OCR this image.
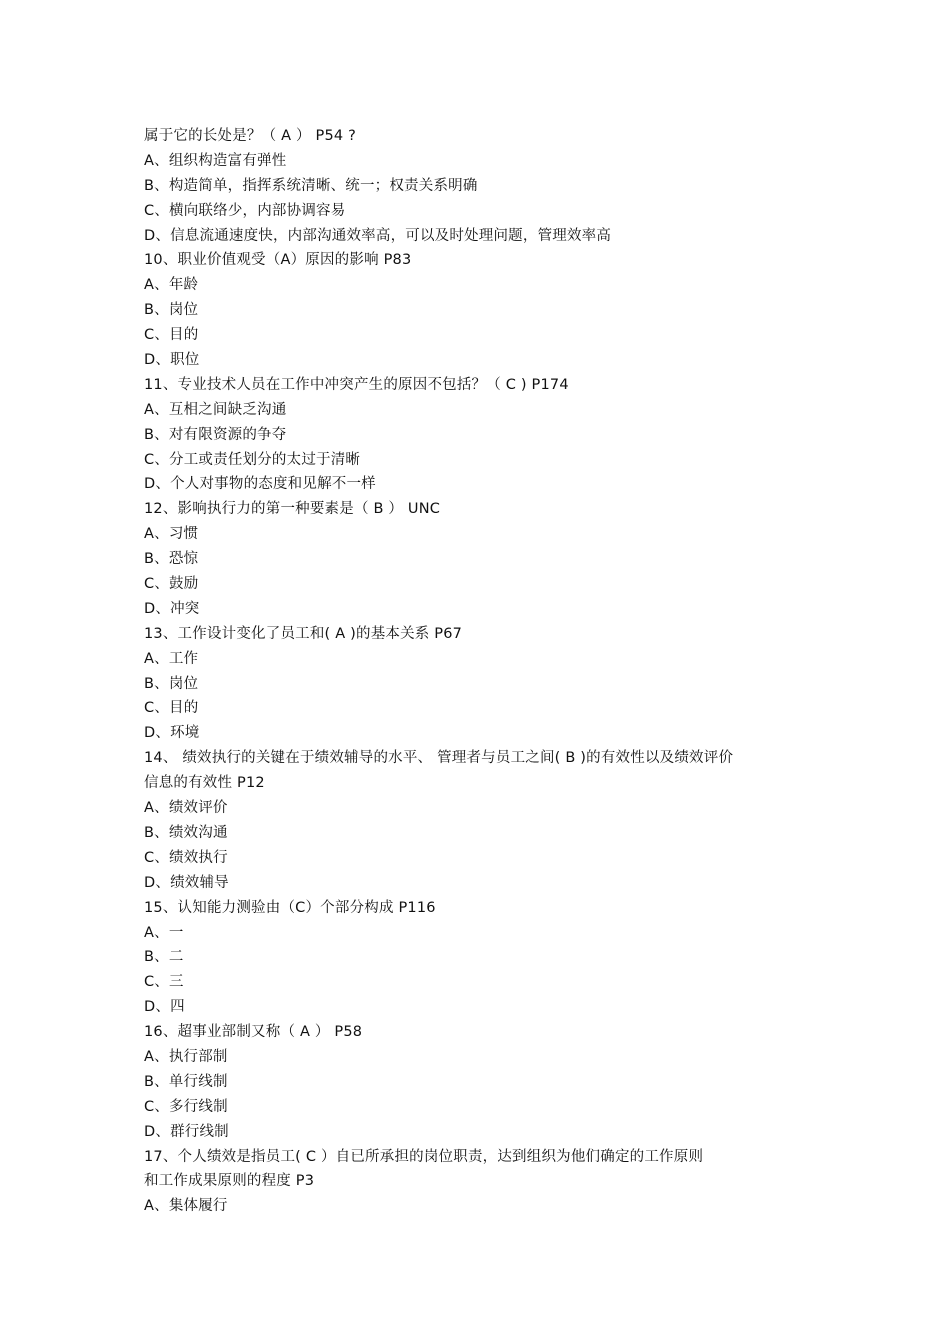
属于它的长处是？（ A ） P54 ?
A、组织构造富有弹性
B、构造简单，指挥系统清晰、统一；权责关系明确
C、横向联络少，内部协调容易
D、信息流通速度快，内部沟通效率高，可以及时处理问题，管理效率高
10、职业价值观受（A）原因的影响 P83
A、年龄
B、岗位
C、目的
D、职位
11、专业技术人员在工作中冲突产生的原因不包括？（ C ) P174
A、互相之间缺乏沟通
B、对有限资源的争夺
C、分工或责任划分的太过于清晰
D、个人对事物的态度和见解不一样
12、影响执行力的第一种要素是（ B ） UNC
A、习惯
B、恐惊
C、鼓励
D、冲突
13、工作设计变化了员工和( A )的基本关系 P67
A、工作
B、岗位
C、目的
D、环境
14、 绩效执行的关键在于绩效辅导的水平、 管理者与员工之间( B )的有效性以及绩效评价
信息的有效性 P12
A、绩效评价
B、绩效沟通
C、绩效执行
D、绩效辅导
15、认知能力测验由（C）个部分构成 P116
A、一
B、二
C、三
D、四
16、超事业部制又称（ A ） P58
A、执行部制
B、单行线制
C、多行线制
D、群行线制
17、个人绩效是指员工( C ）自已所承担的岗位职责，达到组织为他们确定的工作原则
和工作成果原则的程度 P3
A、集体履行
